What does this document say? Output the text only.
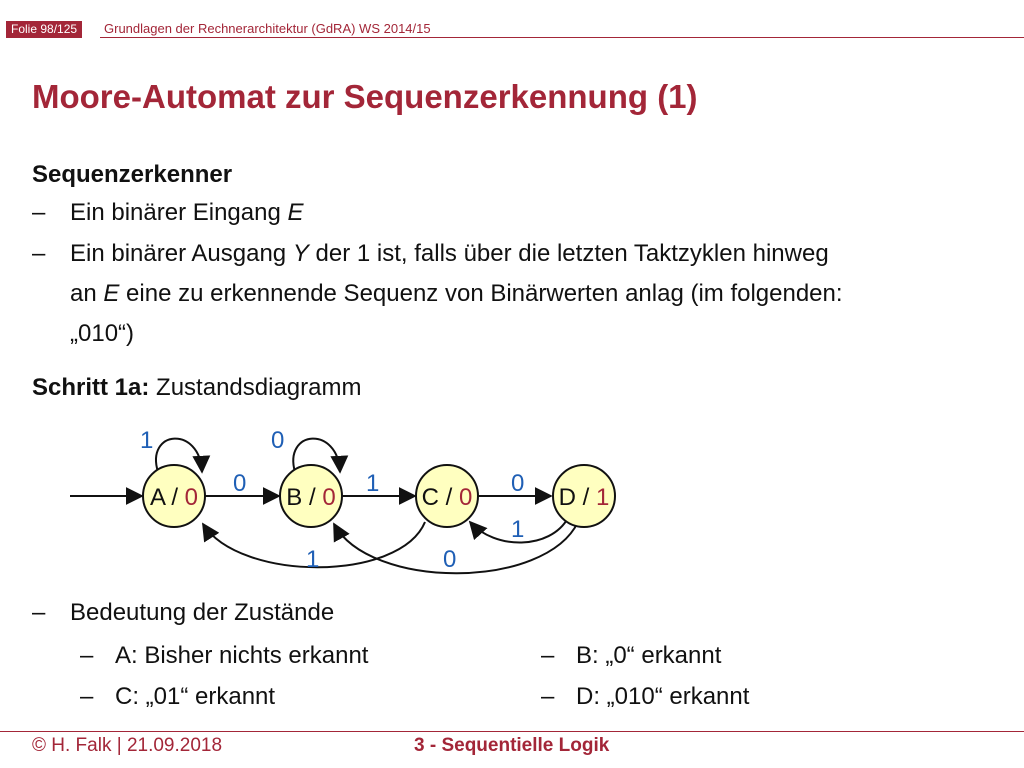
Folie 98/125	Grundlagen der Rechnerarchitektur (GdRA) WS 2014/15
Moore-Automat zur Sequenzerkennung (1)
Sequenzerkenner
– Ein binärer Eingang E
– Ein binärer Ausgang Y der 1 ist, falls über die letzten Taktzyklen hinweg
an E eine zu erkennende Sequenz von Binärwerten anlag (im folgenden:
„010“)
Schritt 1a: Zustandsdiagramm
A / 0	B / 0	C / 0	D / 1
1	0
0	1	0
1
1	0
– Bedeutung der Zustände
– A: Bisher nichts erkannt	– B: „0“ erkannt
– C: „01“ erkannt	– D: „010“ erkannt
© H. Falk | 21.09.2018	3 - Sequentielle Logik
